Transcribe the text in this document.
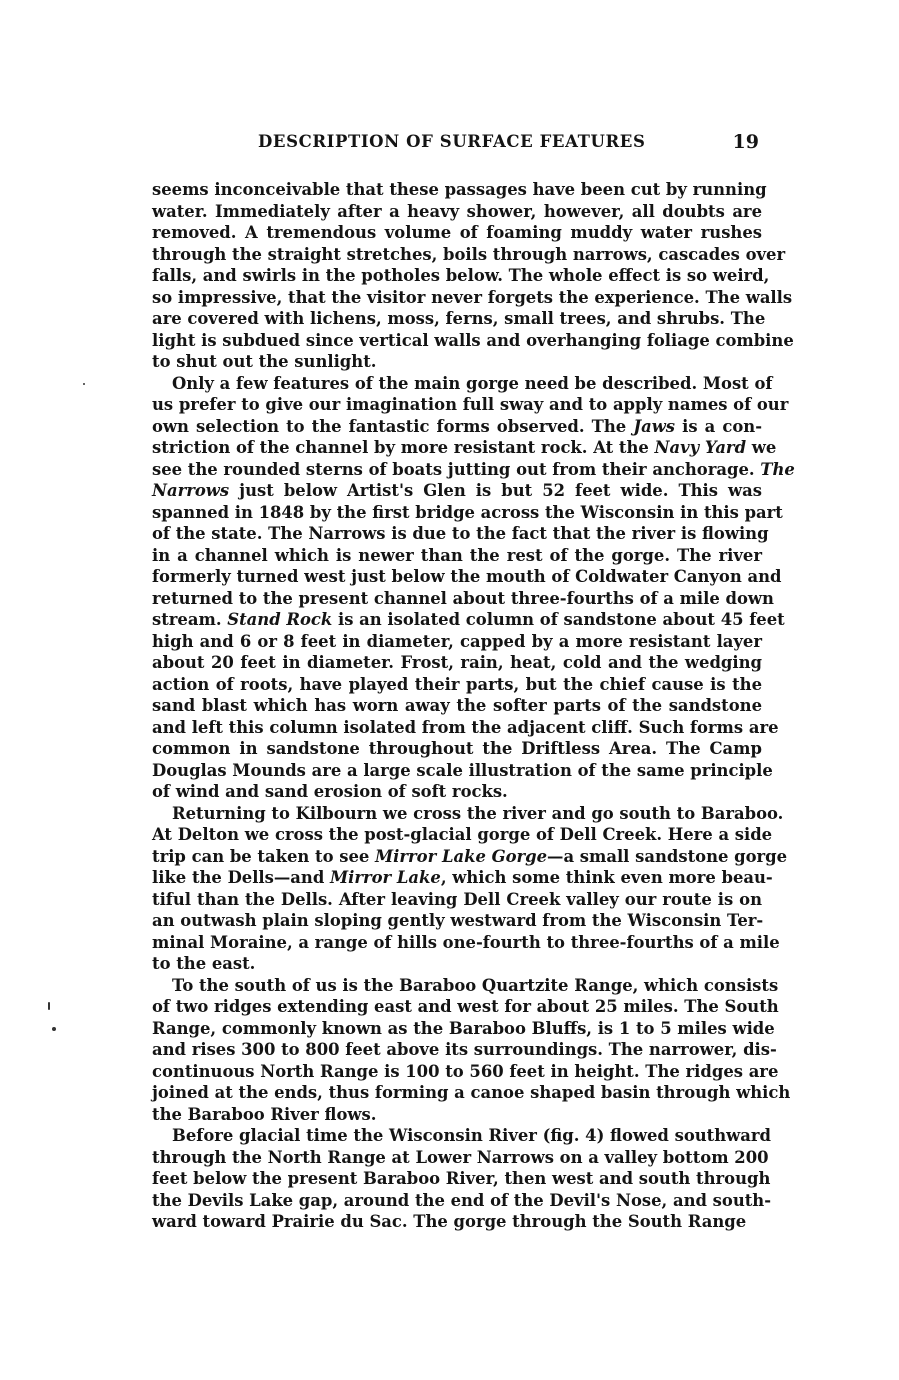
DESCRIPTION OF SURFACE FEATURES	19
seems inconceivable that these passages have been cut by running
water. Immediately after a heavy shower, however, all doubts are
removed. A tremendous volume of foaming muddy water rushes
through the straight stretches, boils through narrows, cascades over
falls, and swirls in the potholes below. The whole effect is so weird,
so impressive, that the visitor never forgets the experience. The walls
are covered with lichens, moss, ferns, small trees, and shrubs. The
light is subdued since vertical walls and overhanging foliage combine
to shut out the sunlight.
Only a few features of the main gorge need be described. Most of
us prefer to give our imagination full sway and to apply names of our
own selection to the fantastic forms observed. The Jaws is a con-
striction of the channel by more resistant rock. At the Navy Yard we
see the rounded sterns of boats jutting out from their anchorage. The
Narrows just below Artist's Glen is but 52 feet wide. This was
spanned in 1848 by the first bridge across the Wisconsin in this part
of the state. The Narrows is due to the fact that the river is flowing
in a channel which is newer than the rest of the gorge. The river
formerly turned west just below the mouth of Coldwater Canyon and
returned to the present channel about three-fourths of a mile down
stream. Stand Rock is an isolated column of sandstone about 45 feet
high and 6 or 8 feet in diameter, capped by a more resistant layer
about 20 feet in diameter. Frost, rain, heat, cold and the wedging
action of roots, have played their parts, but the chief cause is the
sand blast which has worn away the softer parts of the sandstone
and left this column isolated from the adjacent cliff. Such forms are
common in sandstone throughout the Driftless Area. The Camp
Douglas Mounds are a large scale illustration of the same principle
of wind and sand erosion of soft rocks.
Returning to Kilbourn we cross the river and go south to Baraboo.
At Delton we cross the post-glacial gorge of Dell Creek. Here a side
trip can be taken to see Mirror Lake Gorge—a small sandstone gorge
like the Dells—and Mirror Lake, which some think even more beau-
tiful than the Dells. After leaving Dell Creek valley our route is on
an outwash plain sloping gently westward from the Wisconsin Ter-
minal Moraine, a range of hills one-fourth to three-fourths of a mile
to the east.
To the south of us is the Baraboo Quartzite Range, which consists
of two ridges extending east and west for about 25 miles. The South
Range, commonly known as the Baraboo Bluffs, is 1 to 5 miles wide
and rises 300 to 800 feet above its surroundings. The narrower, dis-
continuous North Range is 100 to 560 feet in height. The ridges are
joined at the ends, thus forming a canoe shaped basin through which
the Baraboo River flows.
Before glacial time the Wisconsin River (fig. 4) flowed southward
through the North Range at Lower Narrows on a valley bottom 200
feet below the present Baraboo River, then west and south through
the Devils Lake gap, around the end of the Devil's Nose, and south-
ward toward Prairie du Sac. The gorge through the South Range
